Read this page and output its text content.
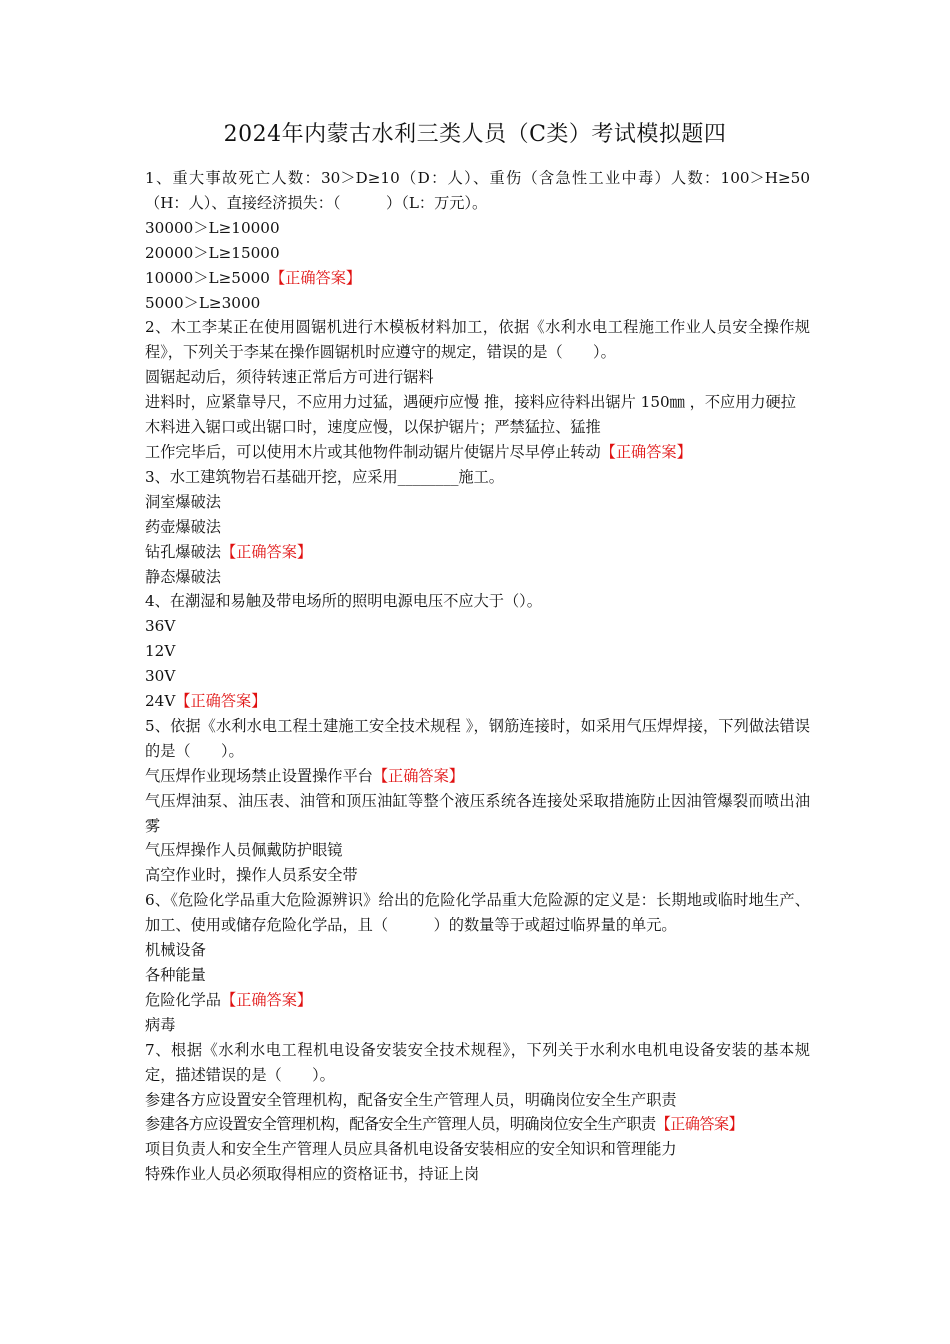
2024年内蒙古水利三类人员（C类）考试模拟题四
1、重大事故死亡人数：30＞D≥10（D：人）、重伤（含急性工业中毒）人数：100＞H≥50（H：人）、直接经济损失：（　　　）（L：万元）。
30000＞L≥10000
20000＞L≥15000
10000＞L≥5000【正确答案】
5000＞L≥3000
2、木工李某正在使用圆锯机进行木模板材料加工，依据《水利水电工程施工作业人员安全操作规程》，下列关于李某在操作圆锯机时应遵守的规定，错误的是（　　）。
圆锯起动后，须待转速正常后方可进行锯料
进料时，应紧靠导尺，不应用力过猛，遇硬疖应慢 推，接料应待料出锯片 150㎜ ，不应用力硬拉
木料进入锯口或出锯口时，速度应慢，以保护锯片；严禁猛拉、猛推
工作完毕后，可以使用木片或其他物件制动锯片使锯片尽早停止转动【正确答案】
3、水工建筑物岩石基础开挖，应采用________施工。
洞室爆破法
药壶爆破法
钻孔爆破法【正确答案】
静态爆破法
4、在潮湿和易触及带电场所的照明电源电压不应大于（）。
36V
12V
30V
24V【正确答案】
5、依据《水利水电工程土建施工安全技术规程 》，钢筋连接时，如采用气压焊焊接，下列做法错误的是（　　）。
气压焊作业现场禁止设置操作平台【正确答案】
气压焊油泵、油压表、油管和顶压油缸等整个液压系统各连接处采取措施防止因油管爆裂而喷出油雾
气压焊操作人员佩戴防护眼镜
高空作业时，操作人员系安全带
6、《危险化学品重大危险源辨识》给出的危险化学品重大危险源的定义是：长期地或临时地生产、加工、使用或储存危险化学品，且（　　　）的数量等于或超过临界量的单元。
机械设备
各种能量
危险化学品【正确答案】
病毒
7、根据《水利水电工程机电设备安装安全技术规程》，下列关于水利水电机电设备安装的基本规定，描述错误的是（　　）。
参建各方应设置安全管理机构，配备安全生产管理人员，明确岗位安全生产职责
参建各方应设置安全管理机构，配备安全生产管理人员，明确岗位安全生产职责【正确答案】
项目负责人和安全生产管理人员应具备机电设备安装相应的安全知识和管理能力
特殊作业人员必须取得相应的资格证书，持证上岗
